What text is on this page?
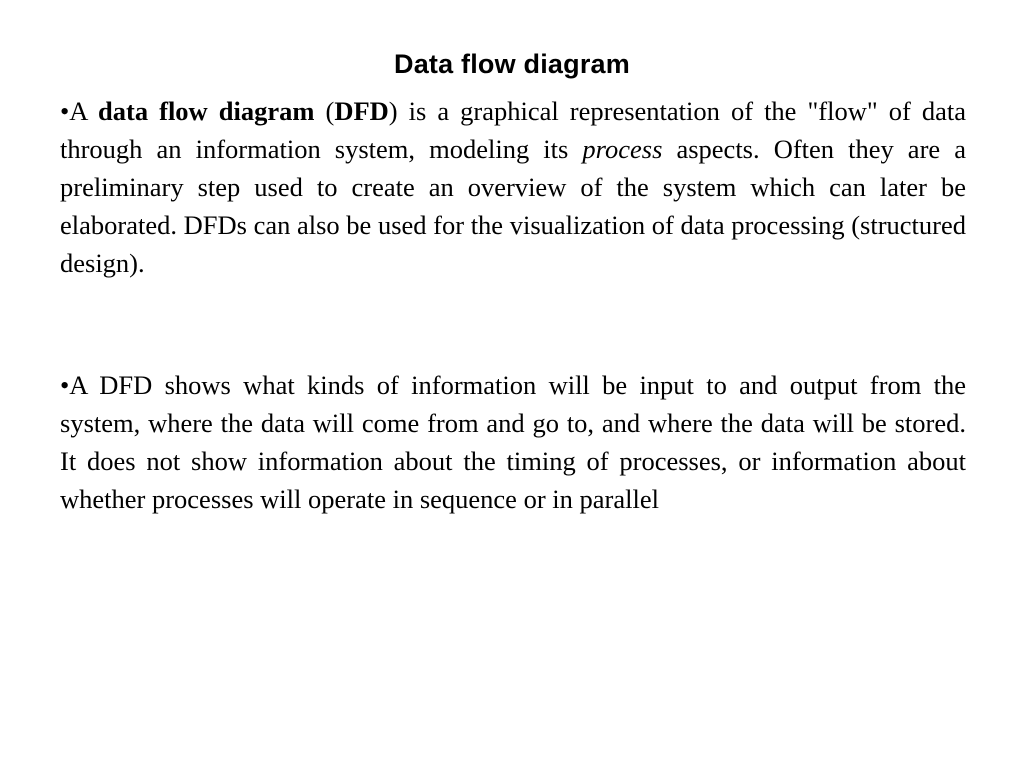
Data flow diagram

•A data flow diagram (DFD) is a graphical representation of the "flow" of data through an information system, modeling its process aspects. Often they are a preliminary step used to create an overview of the system which can later be elaborated. DFDs can also be used for the visualization of data processing (structured design).

•A DFD shows what kinds of information will be input to and output from the system, where the data will come from and go to, and where the data will be stored. It does not show information about the timing of processes, or information about whether processes will operate in sequence or in parallel
